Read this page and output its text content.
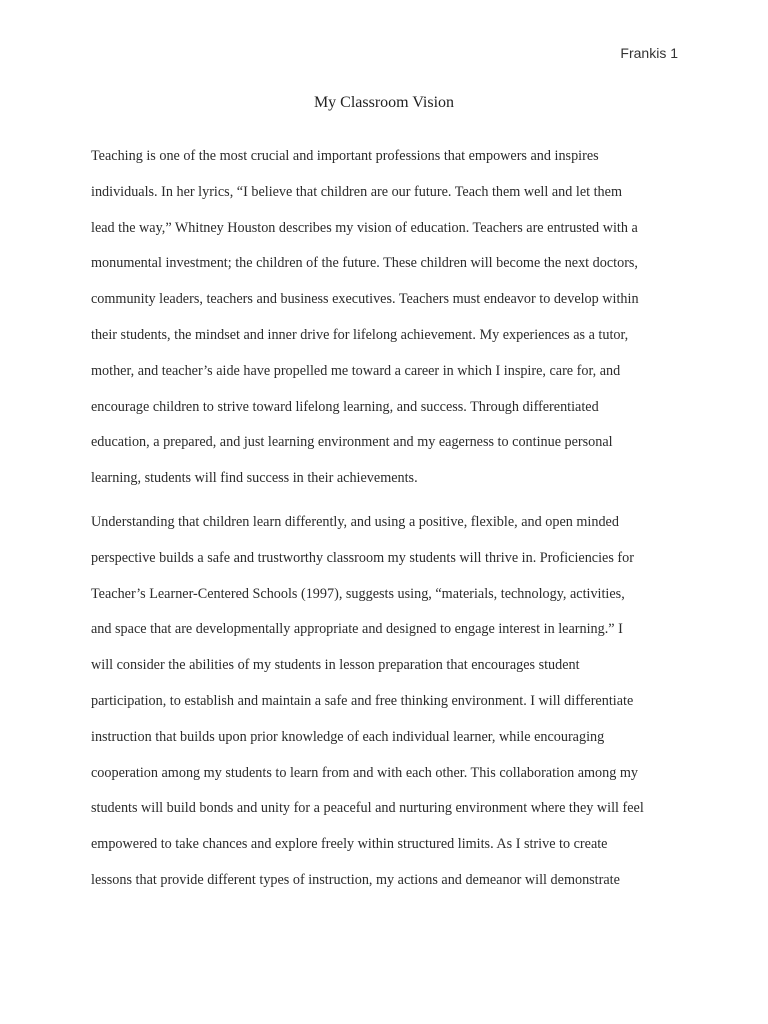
Frankis 1
My Classroom Vision
Teaching is one of the most crucial and important professions that empowers and inspires
individuals. In her lyrics, “I believe that children are our future. Teach them well and let them
lead the way,” Whitney Houston describes my vision of education. Teachers are entrusted with a
monumental investment; the children of the future. These children will become the next doctors,
community leaders, teachers and business executives. Teachers must endeavor to develop within
their students, the mindset and inner drive for lifelong achievement. My experiences as a tutor,
mother, and teacher’s aide have propelled me toward a career in which I inspire, care for, and
encourage children to strive toward lifelong learning, and success. Through differentiated
education, a prepared, and just learning environment and my eagerness to continue personal
learning, students will find success in their achievements.
Understanding that children learn differently, and using a positive, flexible, and open minded
perspective builds a safe and trustworthy classroom my students will thrive in. Proficiencies for
Teacher’s Learner-Centered Schools (1997), suggests using, “materials, technology, activities,
and space that are developmentally appropriate and designed to engage interest in learning.” I
will consider the abilities of my students in lesson preparation that encourages student
participation, to establish and maintain a safe and free thinking environment. I will differentiate
instruction that builds upon prior knowledge of each individual learner, while encouraging
cooperation among my students to learn from and with each other. This collaboration among my
students will build bonds and unity for a peaceful and nurturing environment where they will feel
empowered to take chances and explore freely within structured limits. As I strive to create
lessons that provide different types of instruction, my actions and demeanor will demonstrate
